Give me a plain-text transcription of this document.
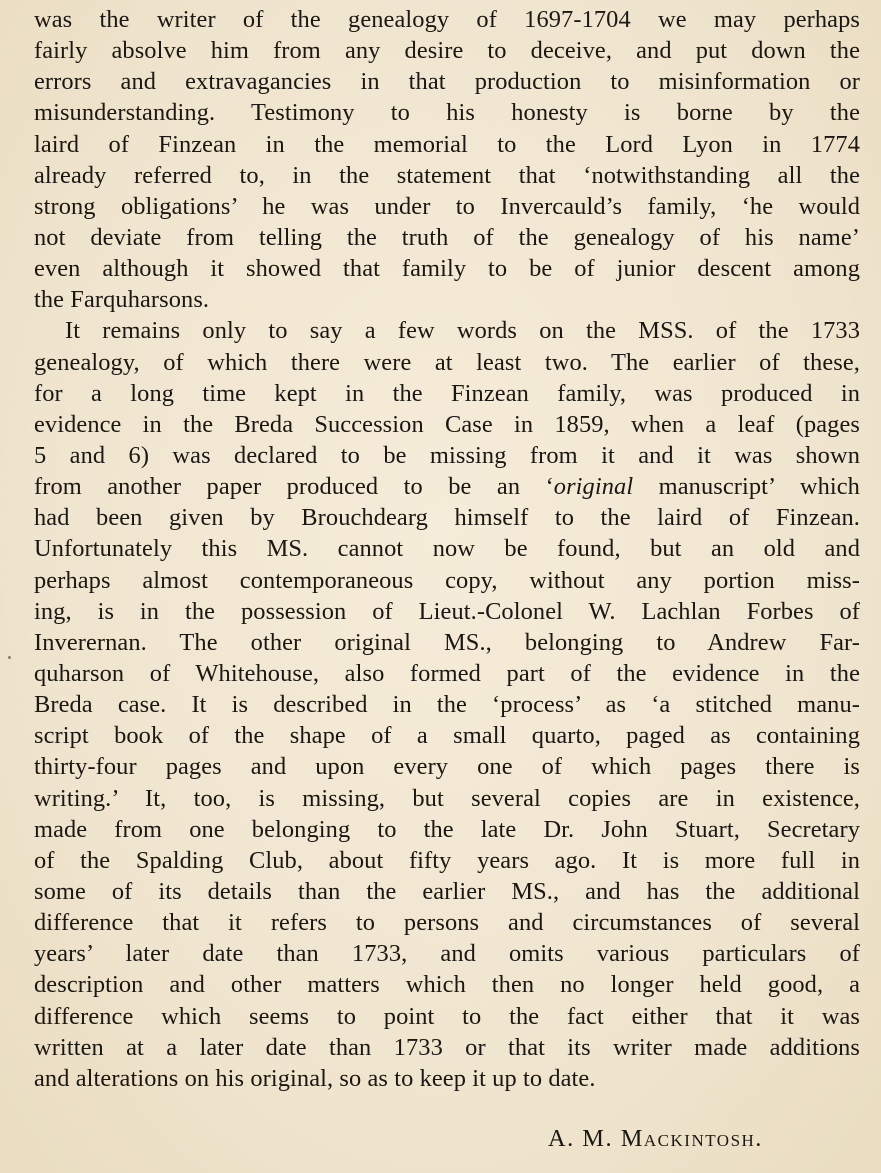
was the writer of the genealogy of 1697-1704 we may perhaps
fairly absolve him from any desire to deceive, and put down the
errors and extravagancies in that production to misinformation or
misunderstanding. Testimony to his honesty is borne by the
laird of Finzean in the memorial to the Lord Lyon in 1774
already referred to, in the statement that ‘notwithstanding all the
strong obligations’ he was under to Invercauld’s family, ‘he would
not deviate from telling the truth of the genealogy of his name’
even although it showed that family to be of junior descent among
the Farquharsons.
It remains only to say a few words on the MSS. of the 1733
genealogy, of which there were at least two. The earlier of these,
for a long time kept in the Finzean family, was produced in
evidence in the Breda Succession Case in 1859, when a leaf (pages
5 and 6) was declared to be missing from it and it was shown
from another paper produced to be an ‘original manuscript’ which
had been given by Brouchdearg himself to the laird of Finzean.
Unfortunately this MS. cannot now be found, but an old and
perhaps almost contemporaneous copy, without any portion miss-
ing, is in the possession of Lieut.-Colonel W. Lachlan Forbes of
Inverernan. The other original MS., belonging to Andrew Far-
quharson of Whitehouse, also formed part of the evidence in the
Breda case. It is described in the ‘process’ as ‘a stitched manu-
script book of the shape of a small quarto, paged as containing
thirty-four pages and upon every one of which pages there is
writing.’ It, too, is missing, but several copies are in existence,
made from one belonging to the late Dr. John Stuart, Secretary
of the Spalding Club, about fifty years ago. It is more full in
some of its details than the earlier MS., and has the additional
difference that it refers to persons and circumstances of several
years’ later date than 1733, and omits various particulars of
description and other matters which then no longer held good, a
difference which seems to point to the fact either that it was
written at a later date than 1733 or that its writer made additions
and alterations on his original, so as to keep it up to date.
A. M. Mackintosh.
